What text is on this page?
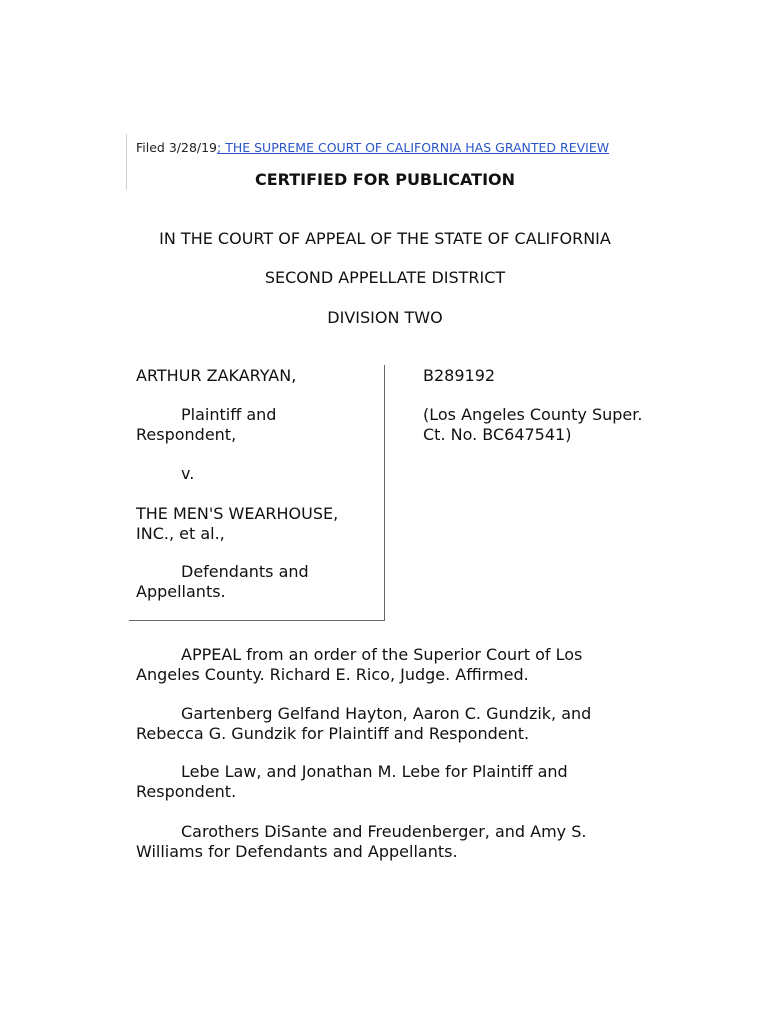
Filed 3/28/19; THE SUPREME COURT OF CALIFORNIA HAS GRANTED REVIEW
CERTIFIED FOR PUBLICATION
IN THE COURT OF APPEAL OF THE STATE OF CALIFORNIA
SECOND APPELLATE DISTRICT
DIVISION TWO
ARTHUR ZAKARYAN,
Plaintiff and Respondent,
v.
THE MEN'S WEARHOUSE, INC., et al.,
Defendants and Appellants.
B289192
(Los Angeles County Super. Ct. No. BC647541)
APPEAL from an order of the Superior Court of Los Angeles County. Richard E. Rico, Judge. Affirmed.
Gartenberg Gelfand Hayton, Aaron C. Gundzik, and Rebecca G. Gundzik for Plaintiff and Respondent.
Lebe Law, and Jonathan M. Lebe for Plaintiff and Respondent.
Carothers DiSante and Freudenberger, and Amy S. Williams for Defendants and Appellants.
